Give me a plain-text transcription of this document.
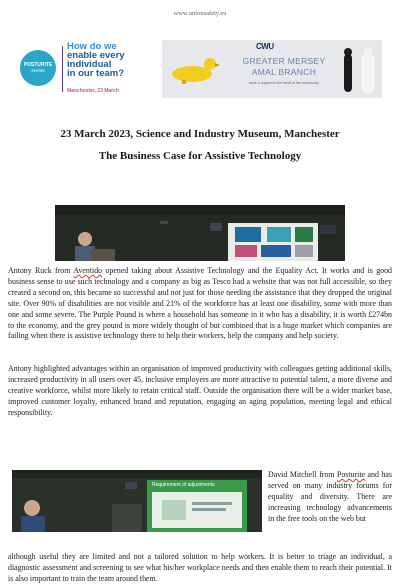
www.unionsafety.eu
POSTURITE
events
How do we
enable every
individual
in our team?
Manchester, 23 March
CWU
GREATER MERSEY
AMAL BRANCH
work & support in the heart of the community
23 March 2023, Science and Industry Museum, Manchester
The Business Case for Assistive Technology

Antony Ruck from Aventido opened taking about Assistive Technology and the Equality Act. It works and is good business sense to use such technology and a company as big as Tesco had a website that was not full accessible, so they created a second on, this became so successful and not just for those needing the assistance that they dropped the original site. Over 90% of disabilities are not visible and 21% of the workforce has at least one disability, some with more than one and some severe. The Purple Pound is where a household has someone in it who has a disability, it is worth £274bn to the economy, and the grey pound is more widely thought of but combined that is a huge market which companies are failing when there is assistive technology there to help their workers, help the company and help society.

Antony highlighted advantages within an organisation of improved productivity with colleagues getting additional skills, increased productivity in all users over 45, inclusive employers are more attractive to potential talent, a more diverse and creative workforce, whilst more likely to retain critical staff. Outside the organisation there will be a wider market base, improved customer loyalty, enhanced brand and reputation, engaging an aging population, meeting legal and ethical responsibility.

Requirement of adjustments

David Mitchell from Posturite and has served on many industry forums for equality and diversity. There are increasing technology advancements in the free tools on the web but

although useful they are limited and not a tailored solution to help workers. It is better to triage an individual, a diagnostic assessment and screening to see what his/her workplace needs and then enable them to reach their potential. It is also important to train the team around them.
